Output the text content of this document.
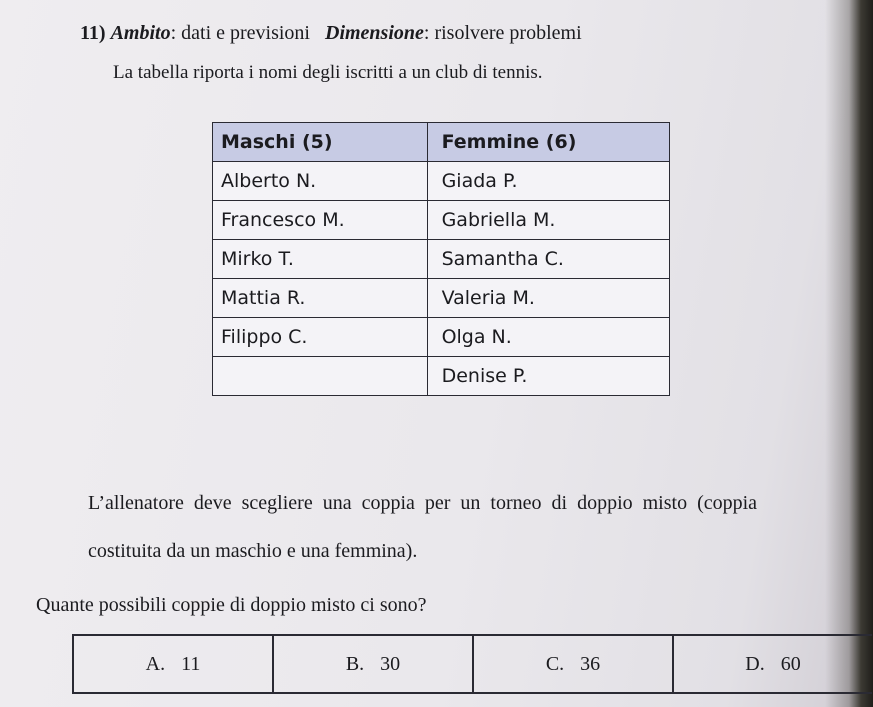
11) Ambito: dati e previsioni Dimensione: risolvere problemi
La tabella riporta i nomi degli iscritti a un club di tennis.
Maschi (5)	Femmine (6)
Alberto N.	Giada P.
Francesco M.	Gabriella M.
Mirko T.	Samantha C.
Mattia R.	Valeria M.
Filippo C.	Olga N.
	Denise P.
L’allenatore deve scegliere una coppia per un torneo di doppio misto (coppia
costituita da un maschio e una femmina).
Quante possibili coppie di doppio misto ci sono?
A. 11	B. 30	C. 36	D. 60
